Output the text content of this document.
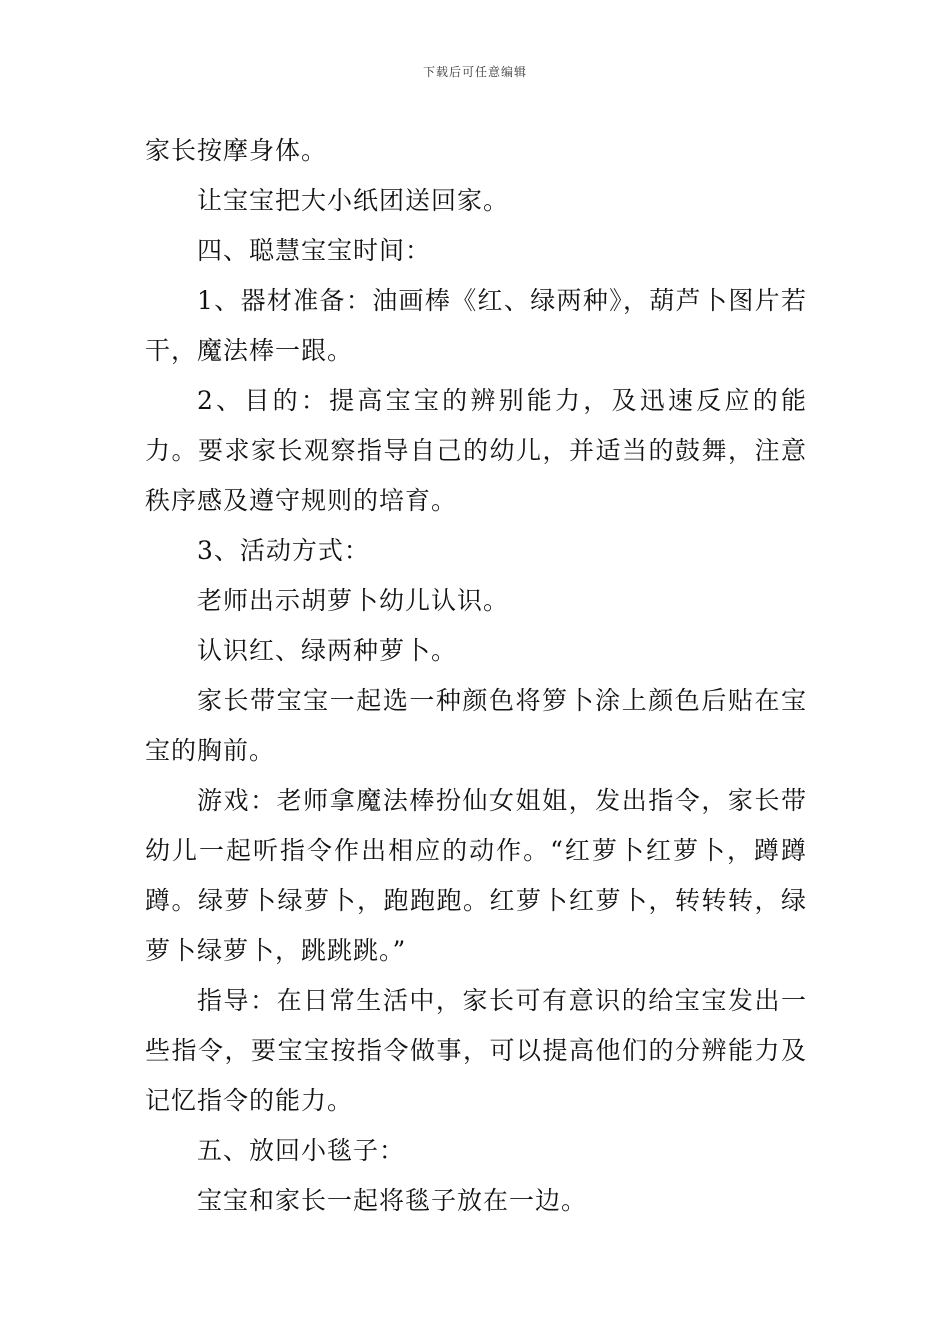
下载后可任意编辑

家长按摩身体。

让宝宝把大小纸团送回家。

四、聪慧宝宝时间：

1、器材准备：油画棒《红、绿两种》，葫芦卜图片若干，魔法棒一跟。

2、目的：提高宝宝的辨别能力，及迅速反应的能力。要求家长观察指导自己的幼儿，并适当的鼓舞，注意秩序感及遵守规则的培育。

3、活动方式：

老师出示胡萝卜幼儿认识。

认识红、绿两种萝卜。

家长带宝宝一起选一种颜色将箩卜涂上颜色后贴在宝宝的胸前。

游戏：老师拿魔法棒扮仙女姐姐，发出指令，家长带幼儿一起听指令作出相应的动作。“红萝卜红萝卜，蹲蹲蹲。绿萝卜绿萝卜，跑跑跑。红萝卜红萝卜，转转转，绿萝卜绿萝卜，跳跳跳。”

指导：在日常生活中，家长可有意识的给宝宝发出一些指令，要宝宝按指令做事，可以提高他们的分辨能力及记忆指令的能力。

五、放回小毯子：

宝宝和家长一起将毯子放在一边。
